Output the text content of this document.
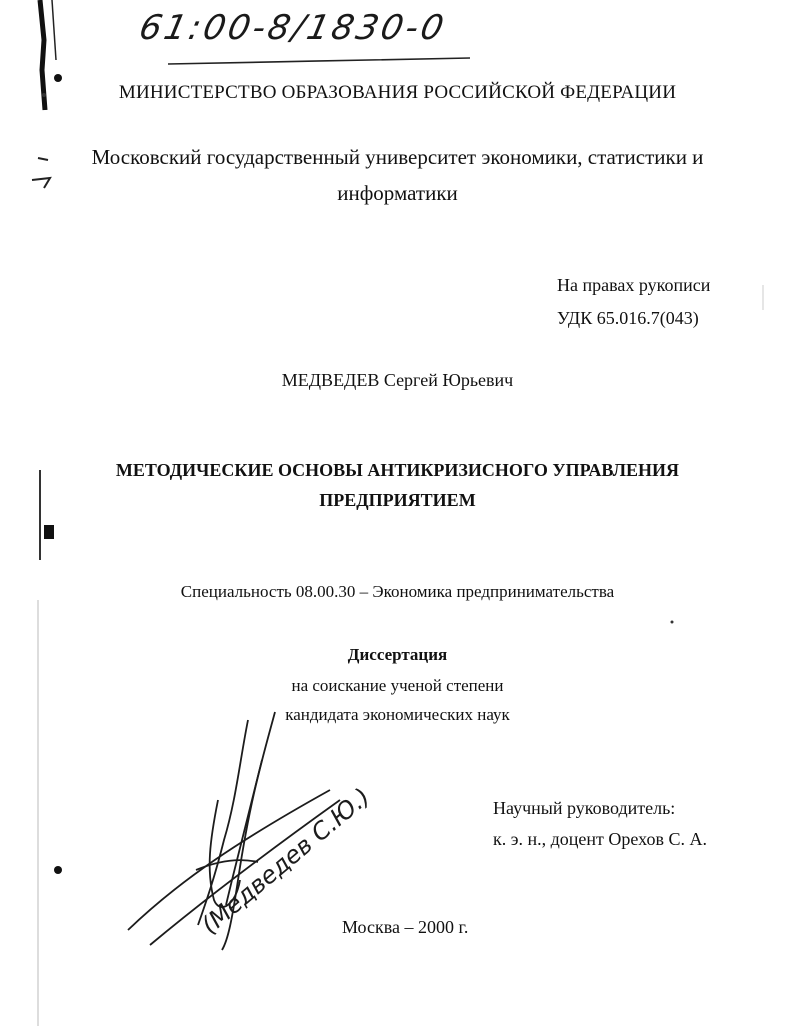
61:00-8/1830-0
МИНИСТЕРСТВО ОБРАЗОВАНИЯ РОССИЙСКОЙ ФЕДЕРАЦИИ
Московский государственный университет экономики, статистики и
информатики
На правах рукописи
УДК 65.016.7(043)
МЕДВЕДЕВ Сергей Юрьевич
МЕТОДИЧЕСКИЕ ОСНОВЫ АНТИКРИЗИСНОГО УПРАВЛЕНИЯ
ПРЕДПРИЯТИЕМ
Специальность 08.00.30 – Экономика предпринимательства
Диссертация
на соискание ученой степени
кандидата экономических наук
Научный руководитель:
к. э. н., доцент Орехов С. А.
Москва – 2000 г.
(Медведев С.Ю.)
